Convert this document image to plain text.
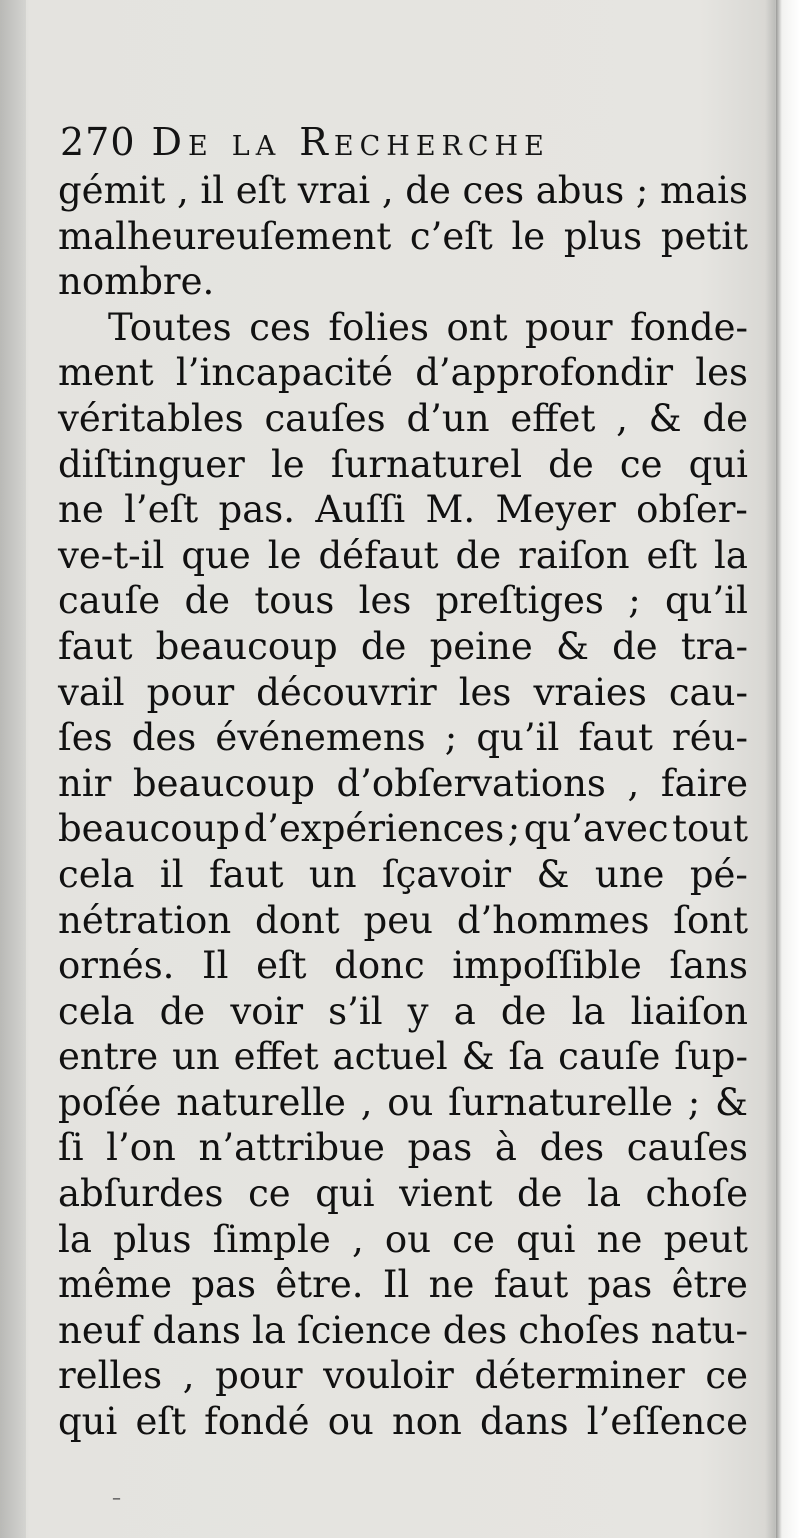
270 De la Recherche
gémit , il eſt vrai , de ces abus ; mais
malheureuſement c’eſt le plus petit
nombre.
Toutes ces folies ont pour fonde-
ment l’incapacité d’approfondir les
véritables cauſes d’un effet , & de
diſtinguer le ſurnaturel de ce qui
ne l’eſt pas. Auſſi M. Meyer obſer-
ve-t-il que le défaut de raiſon eſt la
cauſe de tous les preſtiges ; qu’il
faut beaucoup de peine & de tra-
vail pour découvrir les vraies cau-
ſes des événemens ; qu’il faut réu-
nir beaucoup d’obſervations , faire
beaucoup d’expériences ; qu’avec tout
cela il faut un ſçavoir & une pé-
nétration dont peu d’hommes ſont
ornés. Il eſt donc impoſſible ſans
cela de voir s’il y a de la liaiſon
entre un effet actuel & ſa cauſe ſup-
poſée naturelle , ou ſurnaturelle ; &
ſi l’on n’attribue pas à des cauſes
abſurdes ce qui vient de la choſe
la plus ſimple , ou ce qui ne peut
même pas être. Il ne faut pas être
neuf dans la ſcience des choſes natu-
relles , pour vouloir déterminer ce
qui eſt fondé ou non dans l’eſſence
–
